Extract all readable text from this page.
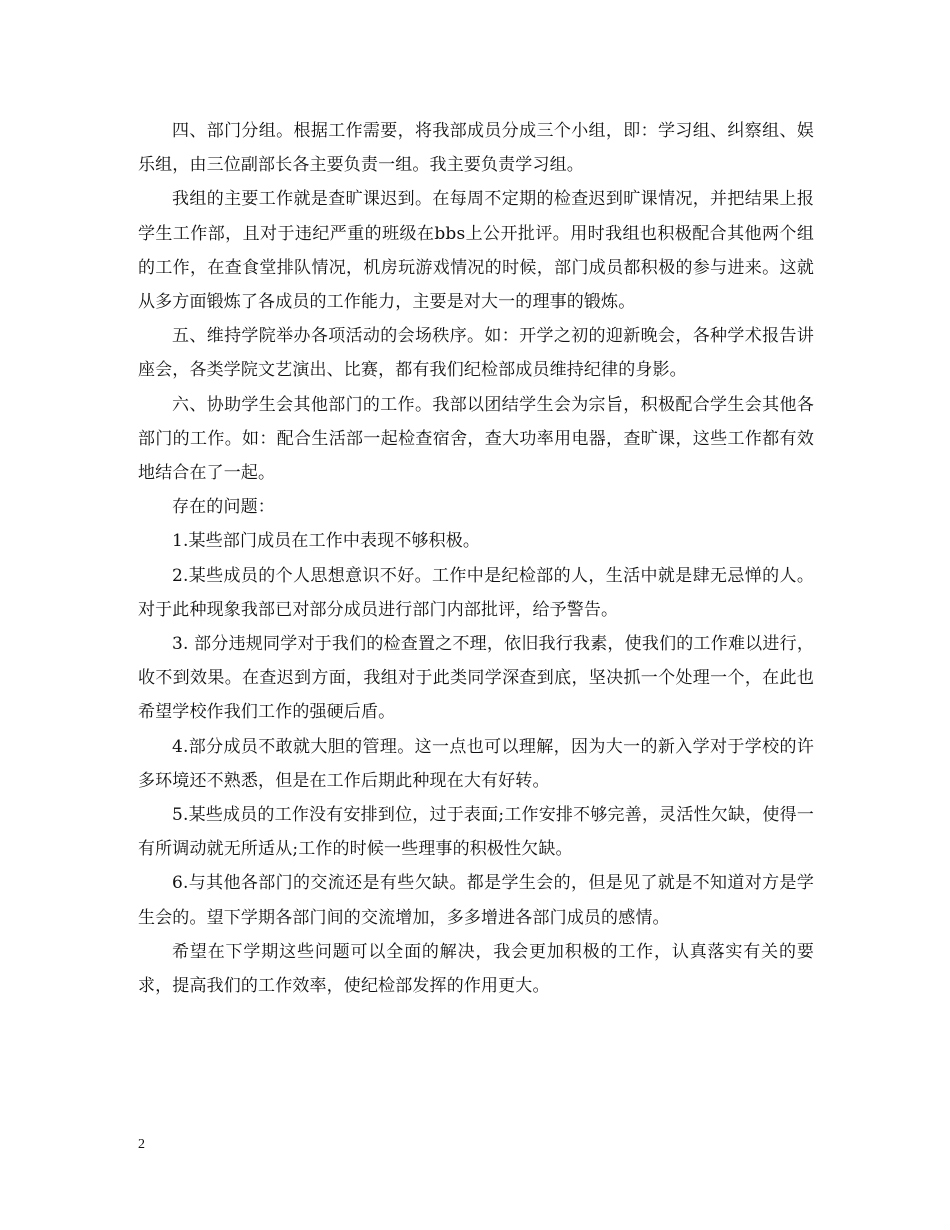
四、部门分组。根据工作需要，将我部成员分成三个小组，即：学习组、纠察组、娱乐组，由三位副部长各主要负责一组。我主要负责学习组。

我组的主要工作就是查旷课迟到。在每周不定期的检查迟到旷课情况，并把结果上报学生工作部，且对于违纪严重的班级在bbs上公开批评。用时我组也积极配合其他两个组的工作，在查食堂排队情况，机房玩游戏情况的时候，部门成员都积极的参与进来。这就从多方面锻炼了各成员的工作能力，主要是对大一的理事的锻炼。

五、维持学院举办各项活动的会场秩序。如：开学之初的迎新晚会，各种学术报告讲座会，各类学院文艺演出、比赛，都有我们纪检部成员维持纪律的身影。

六、协助学生会其他部门的工作。我部以团结学生会为宗旨，积极配合学生会其他各部门的工作。如：配合生活部一起检查宿舍，查大功率用电器，查旷课，这些工作都有效地结合在了一起。

存在的问题：

1.某些部门成员在工作中表现不够积极。

2.某些成员的个人思想意识不好。工作中是纪检部的人，生活中就是肆无忌惮的人。对于此种现象我部已对部分成员进行部门内部批评，给予警告。

3. 部分违规同学对于我们的检查置之不理，依旧我行我素，使我们的工作难以进行，收不到效果。在查迟到方面，我组对于此类同学深查到底，坚决抓一个处理一个，在此也希望学校作我们工作的强硬后盾。

4.部分成员不敢就大胆的管理。这一点也可以理解，因为大一的新入学对于学校的许多环境还不熟悉，但是在工作后期此种现在大有好转。

5.某些成员的工作没有安排到位，过于表面;工作安排不够完善，灵活性欠缺，使得一有所调动就无所适从;工作的时候一些理事的积极性欠缺。

6.与其他各部门的交流还是有些欠缺。都是学生会的，但是见了就是不知道对方是学生会的。望下学期各部门间的交流增加，多多增进各部门成员的感情。

希望在下学期这些问题可以全面的解决，我会更加积极的工作，认真落实有关的要求，提高我们的工作效率，使纪检部发挥的作用更大。

2
